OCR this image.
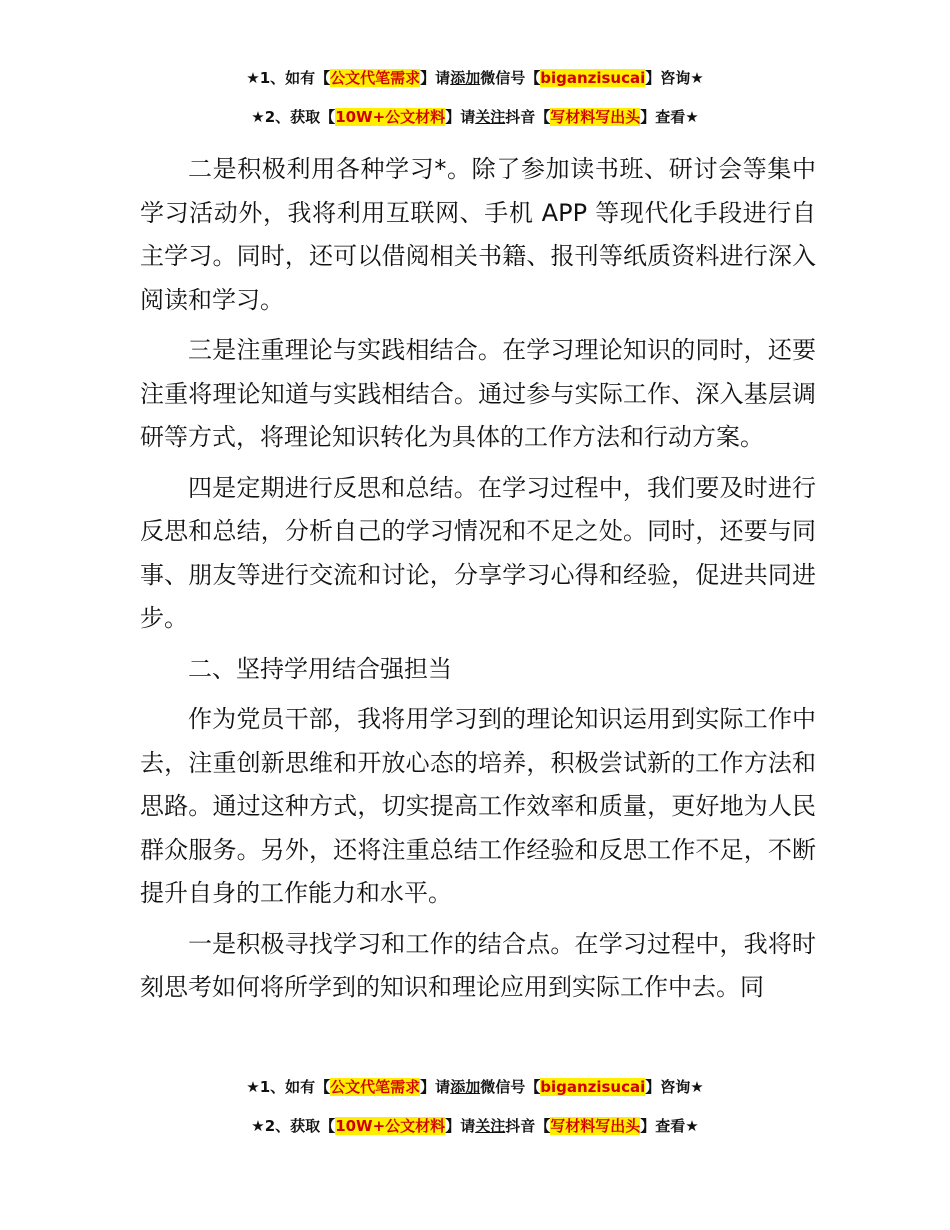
★1、如有【公文代笔需求】请添加微信号【biganzisucai】咨询★
★2、获取【10W+公文材料】请关注抖音【写材料写出头】查看★

二是积极利用各种学习*。除了参加读书班、研讨会等集中学习活动外，我将利用互联网、手机 APP 等现代化手段进行自主学习。同时，还可以借阅相关书籍、报刊等纸质资料进行深入阅读和学习。

三是注重理论与实践相结合。在学习理论知识的同时，还要注重将理论知道与实践相结合。通过参与实际工作、深入基层调研等方式，将理论知识转化为具体的工作方法和行动方案。

四是定期进行反思和总结。在学习过程中，我们要及时进行反思和总结，分析自己的学习情况和不足之处。同时，还要与同事、朋友等进行交流和讨论，分享学习心得和经验，促进共同进步。

二、坚持学用结合强担当

作为党员干部，我将用学习到的理论知识运用到实际工作中去，注重创新思维和开放心态的培养，积极尝试新的工作方法和思路。通过这种方式，切实提高工作效率和质量，更好地为人民群众服务。另外，还将注重总结工作经验和反思工作不足，不断提升自身的工作能力和水平。

一是积极寻找学习和工作的结合点。在学习过程中，我将时刻思考如何将所学到的知识和理论应用到实际工作中去。同

★1、如有【公文代笔需求】请添加微信号【biganzisucai】咨询★
★2、获取【10W+公文材料】请关注抖音【写材料写出头】查看★
